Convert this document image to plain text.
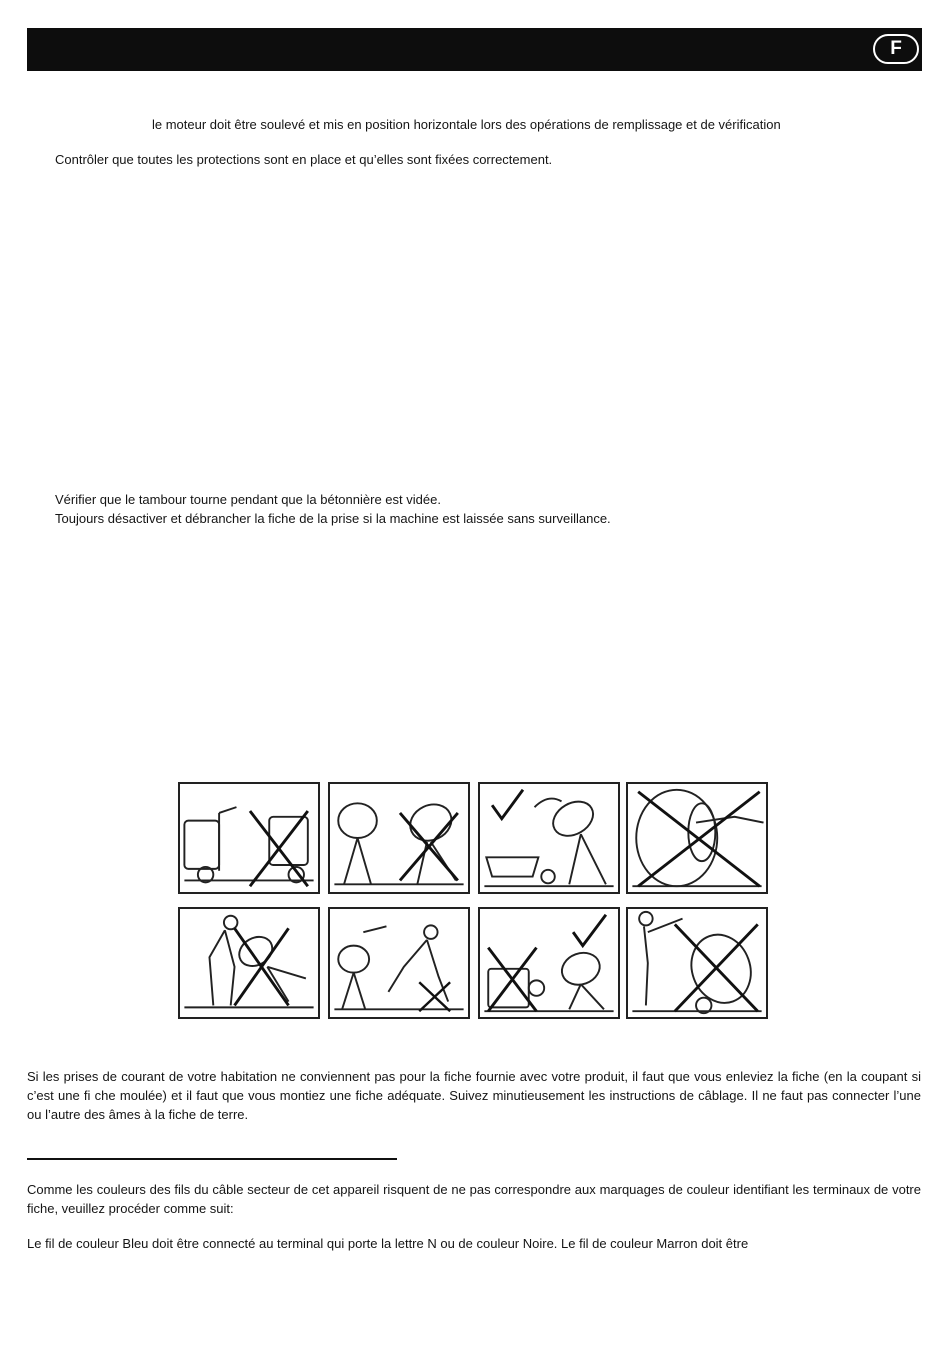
F
le moteur doit être soulevé et mis en position horizontale lors des opérations de remplissage et de vérification
Contrôler que toutes les protections sont en place et qu’elles sont fixées correctement.
Vérifier que le tambour tourne pendant que la bétonnière est vidée.
Toujours désactiver et débrancher la fiche de la prise si la machine est laissée sans surveillance.
Si les prises de courant de votre habitation ne conviennent pas pour la fiche fournie avec votre produit, il faut que vous enleviez la fiche (en la coupant si c’est une fi che moulée) et il faut que vous montiez une fiche adéquate. Suivez minutieusement les instructions de câblage. Il ne faut pas connecter l’une ou l’autre des âmes à la fiche de terre.
Comme les couleurs des fils du câble secteur de cet appareil risquent de ne pas correspondre aux marquages de couleur identifiant les terminaux de votre fiche, veuillez procéder comme suit:
Le fil de couleur Bleu doit être connecté au terminal qui porte la lettre N ou de couleur Noire. Le fil de couleur Marron doit être
